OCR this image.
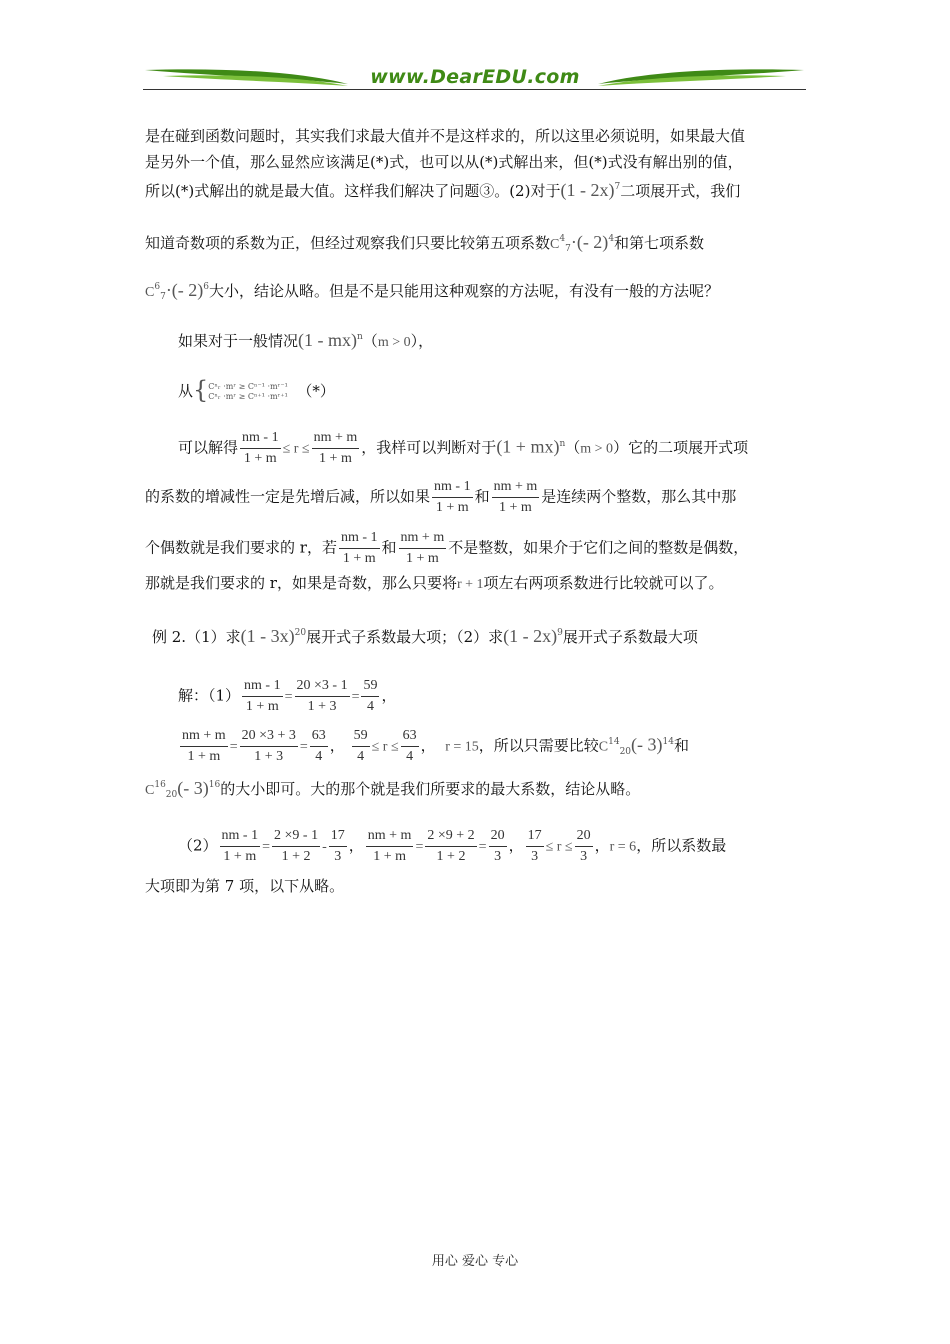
www.DearEDU.com
是在碰到函数问题时，其实我们求最大值并不是这样求的，所以这里必须说明，如果最大值
是另外一个值，那么显然应该满足(*)式，也可以从(*)式解出来，但(*)式没有解出别的值，
所以(*)式解出的就是最大值。这样我们解决了问题③。(2)对于(1 - 2x)$^7$二项展开式，我们
知道奇数项的系数为正，但经过观察我们只要比较第五项系数$C^4_7\cdot(-$ 2)$^4$和第七项系数
$C^6_7\cdot(-$ 2)$^6$大小，结论从略。但是不是只能用这种观察的方法呢，有没有一般的方法呢？
如果对于一般情况(1 - mx)$^n$（m > 0），
从{ Cⁿᵣ ·mʳ ≥ Cⁿ⁻¹ ·mʳ⁻¹
Cⁿᵣ ·mʳ ≥ Cⁿ⁺¹ ·mʳ⁺¹ （*）
可以解得 $\frac{nm - 1}{1 + m} \le r \le \frac{nm + m}{1 + m}$ ，我样可以判断对于(1 + mx)$^n$（m > 0）它的二项展开式项
的系数的增减性一定是先增后减，所以如果 $\frac{nm - 1}{1 + m}$ 和 $\frac{nm + m}{1 + m}$ 是连续两个整数，那么其中那
个偶数就是我们要求的 r，若 $\frac{nm - 1}{1 + m}$ 和 $\frac{nm + m}{1 + m}$ 不是整数，如果介于它们之间的整数是偶数，
那就是我们要求的 r，如果是奇数，那么只要将r + 1项左右两项系数进行比较就可以了。
例 2.（1）求(1 - 3x)$^{20}$展开式子系数最大项；（2）求(1 - 2x)$^9$展开式子系数最大项
解：$(1) \frac{nm - 1}{1 + m} = \frac{20 \times 3 - 1}{1 + 3} = \frac{59}{4}$ ，
$\frac{nm + m}{1 + m} = \frac{20 \times 3 + 3}{1 + 3} = \frac{63}{4}$ ， $\frac{59}{4} \le r \le \frac{63}{4}$ ， r = 15，所以只需要比较$C^{14}_{20}(-$ 3)$^{14}$和
$C^{16}_{20}(-$ 3)$^{16}$的大小即可。大的那个就是我们所要求的最大系数，结论从略。
$(2) \frac{nm - 1}{1 + m} = \frac{2 \times 9 - 1}{1 + 2} - \frac{17}{3}$ ， $\frac{nm + m}{1 + m} = \frac{2 \times 9 + 2}{1 + 2} = \frac{20}{3}$ ， $\frac{17}{3} \le r \le \frac{20}{3}$ ，r = 6，所以系数最
大项即为第 7 项，以下从略。
用心 爱心 专心
